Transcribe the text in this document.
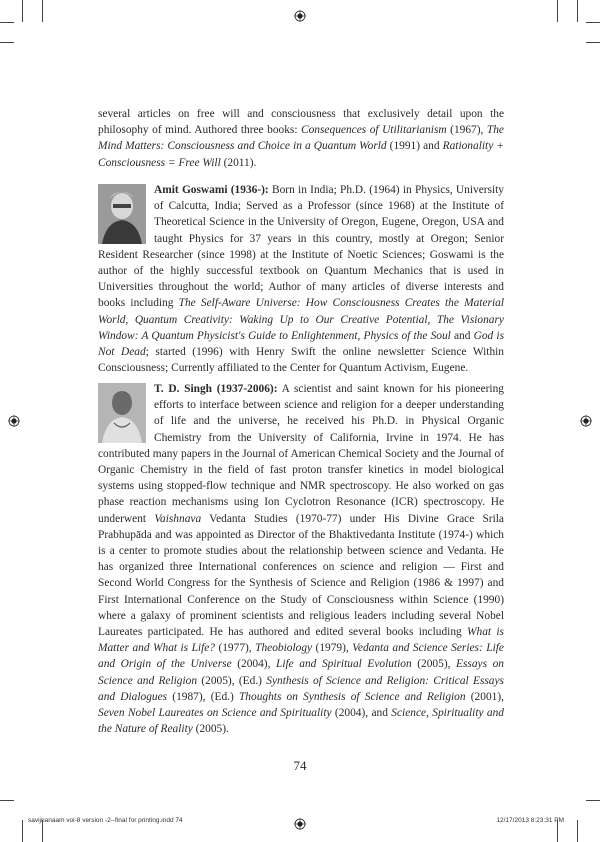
several articles on free will and consciousness that exclusively detail upon the philosophy of mind. Authored three books: Consequences of Utilitarianism (1967), The Mind Matters: Consciousness and Choice in a Quantum World (1991) and Rationality + Consciousness = Free Will (2011).
Amit Goswami (1936-): Born in India; Ph.D. (1964) in Physics, University of Calcutta, India; Served as a Professor (since 1968) at the Institute of Theoretical Science in the University of Oregon, Eugene, Oregon, USA and taught Physics for 37 years in this country, mostly at Oregon; Senior Resident Researcher (since 1998) at the Institute of Noetic Sciences; Goswami is the author of the highly successful textbook on Quantum Mechanics that is used in Universities throughout the world; Author of many articles of diverse interests and books including The Self-Aware Universe: How Consciousness Creates the Material World, Quantum Creativity: Waking Up to Our Creative Potential, The Visionary Window: A Quantum Physicist's Guide to Enlightenment, Physics of the Soul and God is Not Dead; started (1996) with Henry Swift the online newsletter Science Within Consciousness; Currently affiliated to the Center for Quantum Activism, Eugene.
T. D. Singh (1937-2006): A scientist and saint known for his pioneering efforts to interface between science and religion for a deeper understanding of life and the universe, he received his Ph.D. in Physical Organic Chemistry from the University of California, Irvine in 1974. He has contributed many papers in the Journal of American Chemical Society and the Journal of Organic Chemistry in the field of fast proton transfer kinetics in model biological systems using stopped-flow technique and NMR spectroscopy. He also worked on gas phase reaction mechanisms using Ion Cyclotron Resonance (ICR) spectroscopy. He underwent Vaishnava Vedanta Studies (1970-77) under His Divine Grace Srila Prabhupāda and was appointed as Director of the Bhaktivedanta Institute (1974-) which is a center to promote studies about the relationship between science and Vedanta. He has organized three International conferences on science and religion — First and Second World Congress for the Synthesis of Science and Religion (1986 & 1997) and First International Conference on the Study of Consciousness within Science (1990) where a galaxy of prominent scientists and religious leaders including several Nobel Laureates participated. He has authored and edited several books including What is Matter and What is Life? (1977), Theobiology (1979), Vedanta and Science Series: Life and Origin of the Universe (2004), Life and Spiritual Evolution (2005), Essays on Science and Religion (2005), (Ed.) Synthesis of Science and Religion: Critical Essays and Dialogues (1987), (Ed.) Thoughts on Synthesis of Science and Religion (2001), Seven Nobel Laureates on Science and Spirituality (2004), and Science, Spirituality and the Nature of Reality (2005).
74
savijnanaam vol-8 version -2--final for printing.indd 74	12/17/2013 8:23:31 PM
